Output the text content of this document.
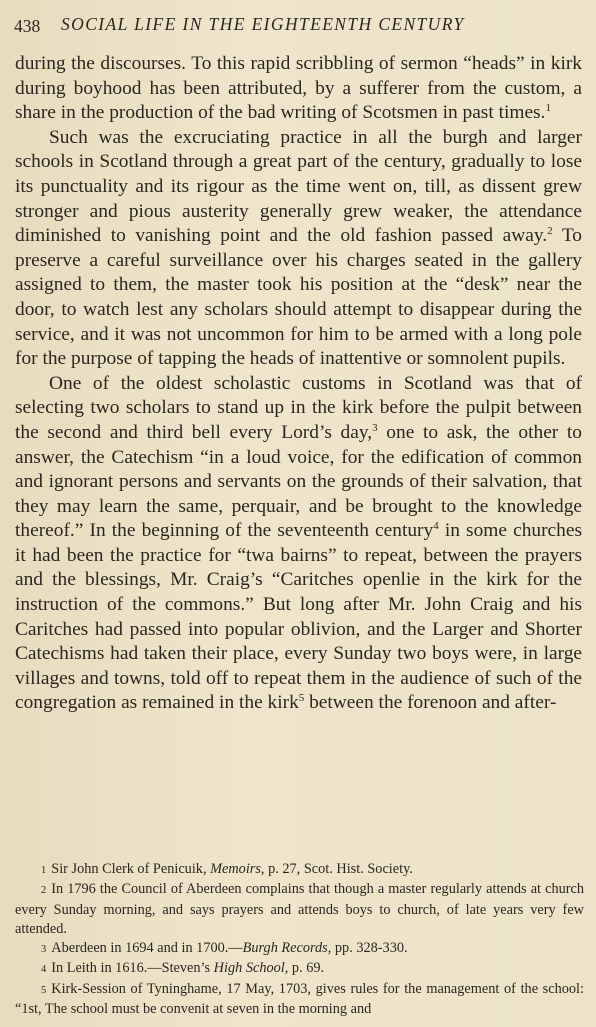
438 SOCIAL LIFE IN THE EIGHTEENTH CENTURY

during the discourses. To this rapid scribbling of sermon “heads” in kirk during boyhood has been attributed, by a sufferer from the custom, a share in the production of the bad writing of Scotsmen in past times.$^1$

Such was the excruciating practice in all the burgh and larger schools in Scotland through a great part of the century, gradually to lose its punctuality and its rigour as the time went on, till, as dissent grew stronger and pious austerity generally grew weaker, the attendance diminished to vanishing point and the old fashion passed away.$^2$ To preserve a careful surveillance over his charges seated in the gallery assigned to them, the master took his position at the “desk” near the door, to watch lest any scholars should attempt to disappear during the service, and it was not uncommon for him to be armed with a long pole for the purpose of tapping the heads of inattentive or somnolent pupils.

One of the oldest scholastic customs in Scotland was that of selecting two scholars to stand up in the kirk before the pulpit between the second and third bell every Lord’s day,$^3$ one to ask, the other to answer, the Catechism “in a loud voice, for the edification of common and ignorant persons and servants on the grounds of their salvation, that they may learn the same, perquair, and be brought to the knowledge thereof.” In the beginning of the seventeenth century$^4$ in some churches it had been the practice for “twa bairns” to repeat, between the prayers and the blessings, Mr. Craig’s “Caritches openlie in the kirk for the instruction of the commons.” But long after Mr. John Craig and his Caritches had passed into popular oblivion, and the Larger and Shorter Catechisms had taken their place, every Sunday two boys were, in large villages and towns, told off to repeat them in the audience of such of the congregation as remained in the kirk$^5$ between the forenoon and after-

1 Sir John Clerk of Penicuik, Memoirs, p. 27, Scot. Hist. Society.
2 In 1796 the Council of Aberdeen complains that though a master regularly attends at church every Sunday morning, and says prayers and attends boys to church, of late years very few attended.
3 Aberdeen in 1694 and in 1700.—Burgh Records, pp. 328-330.
4 In Leith in 1616.—Steven’s High School, p. 69.
5 Kirk-Session of Tyninghame, 17 May, 1703, gives rules for the management of the school: “1st, The school must be convenit at seven in the morning and
